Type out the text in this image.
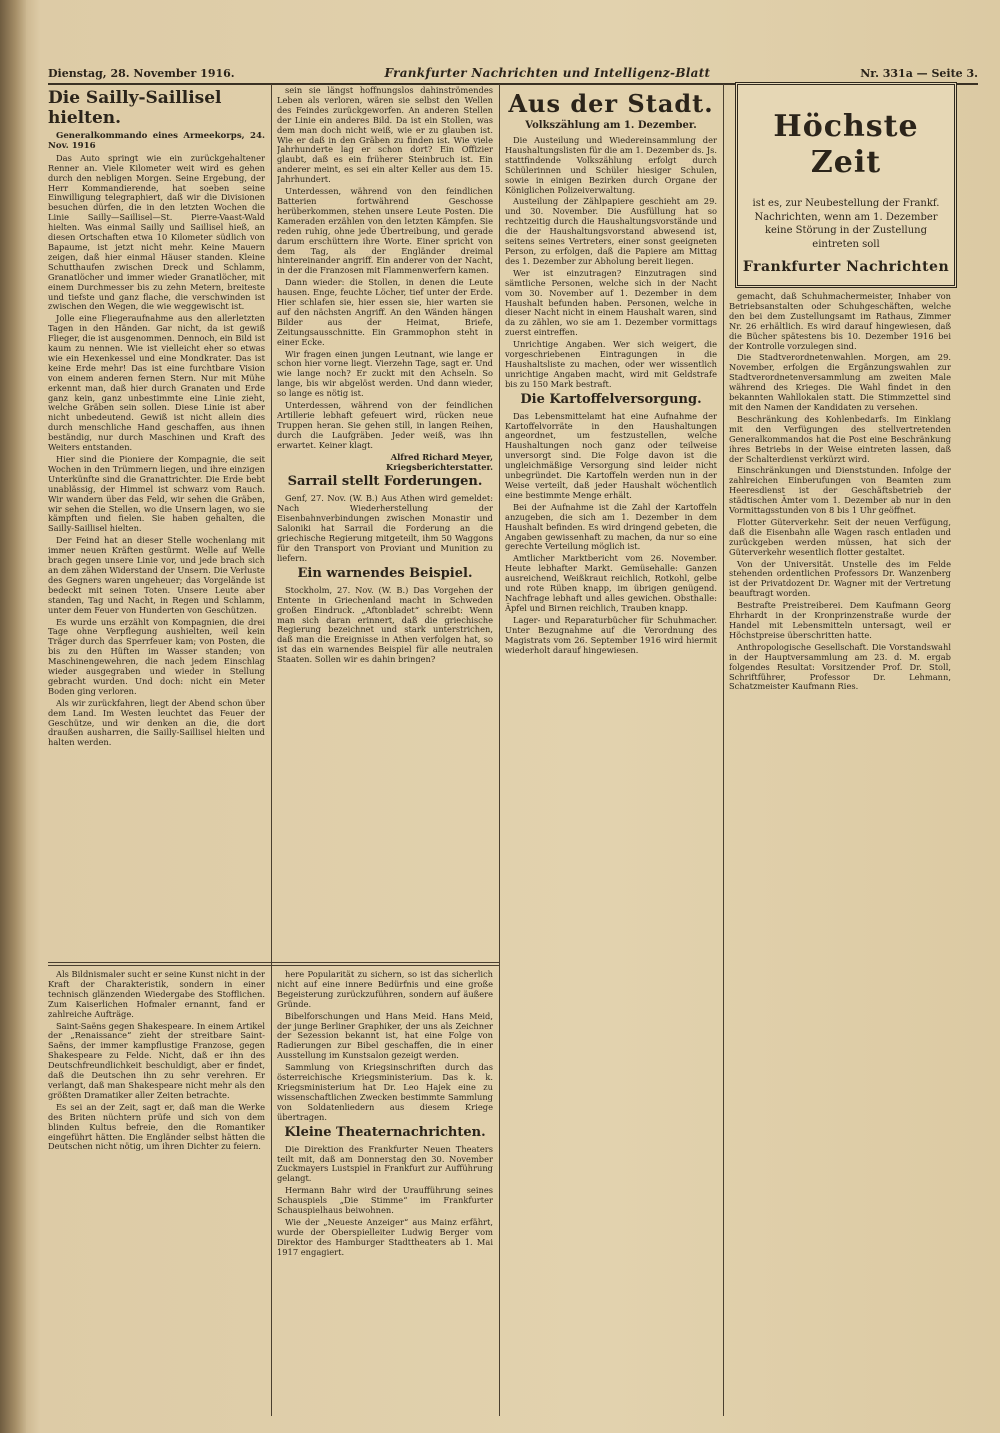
Dienstag, 28. November 1916.	Frankfurter Nachrichten und Intelligenz-Blatt	Nr. 331a — Seite 3.
Die Sailly-Saillisel hielten.

Generalkommando eines Armeekorps, 24. Nov. 1916

Das Auto springt wie ein zurückgehaltener Renner an. Viele Kilometer weit wird es gehen durch den nebligen Morgen. Seine Ergebung, der Herr Kommandierende, hat soeben seine Einwilligung telegraphiert, daß wir die Divisionen besuchen dürfen, die in den letzten Wochen die Linie Sailly—Saillisel—St. Pierre-Vaast-Wald hielten. Was einmal Sailly und Saillisel hieß, an diesen Ortschaften etwa 10 Kilometer südlich von Bapaume, ist jetzt nicht mehr. Keine Mauern zeigen, daß hier einmal Häuser standen. Kleine Schutthaufen zwischen Dreck und Schlamm, Granatlöcher und immer wieder Granatlöcher, mit einem Durchmesser bis zu zehn Metern, breiteste und tiefste und ganz flache, die verschwinden ist zwischen den Wegen, die wie weggewischt ist.

Jolle eine Fliegeraufnahme aus den allerletzten Tagen in den Händen. Gar nicht, da ist gewiß Flieger, die ist ausgenommen. Dennoch, ein Bild ist kaum zu nennen. Wie ist vielleicht eher so etwas wie ein Hexenkessel und eine Mondkrater. Das ist keine Erde mehr! Das ist eine furchtbare Vision von einem anderen fernen Stern. Nur mit Mühe erkennt man, daß hier durch Granaten und Erde ganz kein, ganz unbestimmte eine Linie zieht, welche Gräben sein sollen. Diese Linie ist aber nicht unbedeutend. Gewiß ist nicht allein dies durch menschliche Hand geschaffen, aus ihnen beständig, nur durch Maschinen und Kraft des Weiters entstanden.

Hier sind die Pioniere der Kompagnie, die seit Wochen in den Trümmern liegen, und ihre einzigen Unterkünfte sind die Granattrichter. Die Erde bebt unablässig, der Himmel ist schwarz vom Rauch. Wir wandern über das Feld, wir sehen die Gräben, wir sehen die Stellen, wo die Unsern lagen, wo sie kämpften und fielen. Sie haben gehalten, die Sailly-Saillisel hielten.

Der Feind hat an dieser Stelle wochenlang mit immer neuen Kräften gestürmt. Welle auf Welle brach gegen unsere Linie vor, und jede brach sich an dem zähen Widerstand der Unsern. Die Verluste des Gegners waren ungeheuer; das Vorgelände ist bedeckt mit seinen Toten. Unsere Leute aber standen, Tag und Nacht, in Regen und Schlamm, unter dem Feuer von Hunderten von Geschützen.

Es wurde uns erzählt von Kompagnien, die drei Tage ohne Verpflegung aushielten, weil kein Träger durch das Sperrfeuer kam; von Posten, die bis zu den Hüften im Wasser standen; von Maschinengewehren, die nach jedem Einschlag wieder ausgegraben und wieder in Stellung gebracht wurden. Und doch: nicht ein Meter Boden ging verloren.

Als wir zurückfahren, liegt der Abend schon über dem Land. Im Westen leuchtet das Feuer der Geschütze, und wir denken an die, die dort draußen ausharren, die Sailly-Saillisel hielten und halten werden.

sein sie längst hoffnungslos dahinströmendes Leben als verloren, wären sie selbst den Wellen des Feindes zurückgeworfen. An anderen Stellen der Linie ein anderes Bild. Da ist ein Stollen, was dem man doch nicht weiß, wie er zu glauben ist. Wie er daß in den Gräben zu finden ist. Wie viele Jahrhunderte lag er schon dort? Ein Offizier glaubt, daß es ein früherer Steinbruch ist. Ein anderer meint, es sei ein alter Keller aus dem 15. Jahrhundert.

Unterdessen, während von den feindlichen Batterien fortwährend Geschosse herüberkommen, stehen unsere Leute Posten. Die Kameraden erzählen von den letzten Kämpfen. Sie reden ruhig, ohne jede Übertreibung, und gerade darum erschüttern ihre Worte. Einer spricht von dem Tag, als der Engländer dreimal hintereinander angriff. Ein anderer von der Nacht, in der die Franzosen mit Flammenwerfern kamen.

Dann wieder: die Stollen, in denen die Leute hausen. Enge, feuchte Löcher, tief unter der Erde. Hier schlafen sie, hier essen sie, hier warten sie auf den nächsten Angriff. An den Wänden hängen Bilder aus der Heimat, Briefe, Zeitungsausschnitte. Ein Grammophon steht in einer Ecke.

Wir fragen einen jungen Leutnant, wie lange er schon hier vorne liegt. Vierzehn Tage, sagt er. Und wie lange noch? Er zuckt mit den Achseln. So lange, bis wir abgelöst werden. Und dann wieder, so lange es nötig ist.

Unterdessen, während von der feindlichen Artillerie lebhaft gefeuert wird, rücken neue Truppen heran. Sie gehen still, in langen Reihen, durch die Laufgräben. Jeder weiß, was ihn erwartet. Keiner klagt.

Alfred Richard Meyer, Kriegsberichterstatter.

Sarrail stellt Forderungen.

Genf, 27. Nov. (W. B.) Aus Athen wird gemeldet: Nach Wiederherstellung der Eisenbahnverbindungen zwischen Monastir und Saloniki hat Sarrail die Forderung an die griechische Regierung mitgeteilt, ihm 50 Waggons für den Transport von Proviant und Munition zu liefern.

Ein warnendes Beispiel.

Stockholm, 27. Nov. (W. B.) Das Vorgehen der Entente in Griechenland macht in Schweden großen Eindruck. „Aftonbladet“ schreibt: Wenn man sich daran erinnert, daß die griechische Regierung bezeichnet und stark unterstrichen, daß man die Ereignisse in Athen verfolgen hat, so ist das ein warnendes Beispiel für alle neutralen Staaten. Sollen wir es dahin bringen?

Aus der Stadt.
Volkszählung am 1. Dezember.

Die Austeilung und Wiedereinsammlung der Haushaltungslisten für die am 1. Dezember ds. Js. stattfindende Volkszählung erfolgt durch Schülerinnen und Schüler hiesiger Schulen, sowie in einigen Bezirken durch Organe der Königlichen Polizeiverwaltung.

Austeilung der Zählpapiere geschieht am 29. und 30. November. Die Ausfüllung hat so rechtzeitig durch die Haushaltungsvorstände und die der Haushaltungsvorstand abwesend ist, seitens seines Vertreters, einer sonst geeigneten Person, zu erfolgen, daß die Papiere am Mittag des 1. Dezember zur Abholung bereit liegen.

Wer ist einzutragen? Einzutragen sind sämtliche Personen, welche sich in der Nacht vom 30. November auf 1. Dezember in dem Haushalt befunden haben. Personen, welche in dieser Nacht nicht in einem Haushalt waren, sind da zu zählen, wo sie am 1. Dezember vormittags zuerst eintreffen.

Unrichtige Angaben. Wer sich weigert, die vorgeschriebenen Eintragungen in die Haushaltsliste zu machen, oder wer wissentlich unrichtige Angaben macht, wird mit Geldstrafe bis zu 150 Mark bestraft.

Die Kartoffelversorgung.

Das Lebensmittelamt hat eine Aufnahme der Kartoffelvorräte in den Haushaltungen angeordnet, um festzustellen, welche Haushaltungen noch ganz oder teilweise unversorgt sind. Die Folge davon ist die ungleichmäßige Versorgung sind leider nicht unbegründet. Die Kartoffeln werden nun in der Weise verteilt, daß jeder Haushalt wöchentlich eine bestimmte Menge erhält.

Bei der Aufnahme ist die Zahl der Kartoffeln anzugeben, die sich am 1. Dezember in dem Haushalt befinden. Es wird dringend gebeten, die Angaben gewissenhaft zu machen, da nur so eine gerechte Verteilung möglich ist.

Amtlicher Marktbericht vom 26. November. Heute lebhafter Markt. Gemüsehalle: Ganzen ausreichend, Weißkraut reichlich, Rotkohl, gelbe und rote Rüben knapp, im übrigen genügend. Nachfrage lebhaft und alles gewichen. Obsthalle: Äpfel und Birnen reichlich, Trauben knapp.

Lager- und Reparaturbücher für Schuhmacher. Unter Bezugnahme auf die Verordnung des Magistrats vom 26. September 1916 wird hiermit wiederholt darauf hingewiesen.

Höchste Zeit
ist es, zur Neubestellung der Frankf. Nachrichten, wenn am 1. Dezember keine Störung in der Zustellung eintreten soll
Frankfurter Nachrichten

gemacht, daß Schuhmachermeister, Inhaber von Betriebsanstalten oder Schuhgeschäften, welche den bei dem Zustellungsamt im Rathaus, Zimmer Nr. 26 erhältlich. Es wird darauf hingewiesen, daß die Bücher spätestens bis 10. Dezember 1916 bei der Kontrolle vorzulegen sind.

Die Stadtverordnetenwahlen. Morgen, am 29. November, erfolgen die Ergänzungswahlen zur Stadtverordnetenversammlung am zweiten Male während des Krieges. Die Wahl findet in den bekannten Wahllokalen statt. Die Stimmzettel sind mit den Namen der Kandidaten zu versehen.

Beschränkung des Kohlenbedarfs. Im Einklang mit den Verfügungen des stellvertretenden Generalkommandos hat die Post eine Beschränkung ihres Betriebs in der Weise eintreten lassen, daß der Schalterdienst verkürzt wird.

Einschränkungen und Dienststunden. Infolge der zahlreichen Einberufungen von Beamten zum Heeresdienst ist der Geschäftsbetrieb der städtischen Ämter vom 1. Dezember ab nur in den Vormittagsstunden von 8 bis 1 Uhr geöffnet.

Flotter Güterverkehr. Seit der neuen Verfügung, daß die Eisenbahn alle Wagen rasch entladen und zurückgeben werden müssen, hat sich der Güterverkehr wesentlich flotter gestaltet.

Von der Universität. Unstelle des im Felde stehenden ordentlichen Professors Dr. Wanzenberg ist der Privatdozent Dr. Wagner mit der Vertretung beauftragt worden.

Bestrafte Preistreiberei. Dem Kaufmann Georg Ehrhardt in der Kronprinzenstraße wurde der Handel mit Lebensmitteln untersagt, weil er Höchstpreise überschritten hatte.

Anthropologische Gesellschaft. Die Vorstandswahl in der Hauptversammlung am 23. d. M. ergab folgendes Resultat: Vorsitzender Prof. Dr. Stoll, Schriftführer, Professor Dr. Lehmann, Schatzmeister Kaufmann Ries.

Als Bildnismaler sucht er seine Kunst nicht in der Kraft der Charakteristik, sondern in einer technisch glänzenden Wiedergabe des Stofflichen. Zum Kaiserlichen Hofmaler ernannt, fand er zahlreiche Aufträge.

Saint-Saëns gegen Shakespeare. In einem Artikel der „Renaissance“ zieht der streitbare Saint-Saëns, der immer kampflustige Franzose, gegen Shakespeare zu Felde. Nicht, daß er ihn des Deutschfreundlichkeit beschuldigt, aber er findet, daß die Deutschen ihn zu sehr verehren. Er verlangt, daß man Shakespeare nicht mehr als den größten Dramatiker aller Zeiten betrachte.

Es sei an der Zeit, sagt er, daß man die Werke des Briten nüchtern prüfe und sich von dem blinden Kultus befreie, den die Romantiker eingeführt hätten. Die Engländer selbst hätten die Deutschen nicht nötig, um ihren Dichter zu feiern.

here Popularität zu sichern, so ist das sicherlich nicht auf eine innere Bedürfnis und eine große Begeisterung zurückzuführen, sondern auf äußere Gründe.

Bibelforschungen und Hans Meid. Hans Meid, der junge Berliner Graphiker, der uns als Zeichner der Sezession bekannt ist, hat eine Folge von Radierungen zur Bibel geschaffen, die in einer Ausstellung im Kunstsalon gezeigt werden.

Sammlung von Kriegsinschriften durch das österreichische Kriegsministerium. Das k. k. Kriegsministerium hat Dr. Leo Hajek eine zu wissenschaftlichen Zwecken bestimmte Sammlung von Soldatenliedern aus diesem Kriege übertragen.

Kleine Theaternachrichten.

Die Direktion des Frankfurter Neuen Theaters teilt mit, daß am Donnerstag den 30. November Zuckmayers Lustspiel in Frankfurt zur Aufführung gelangt.

Hermann Bahr wird der Uraufführung seines Schauspiels „Die Stimme“ im Frankfurter Schauspielhaus beiwohnen.

Wie der „Neueste Anzeiger“ aus Mainz erfährt, wurde der Oberspielleiter Ludwig Berger vom Direktor des Hamburger Stadttheaters ab 1. Mai 1917 engagiert.
